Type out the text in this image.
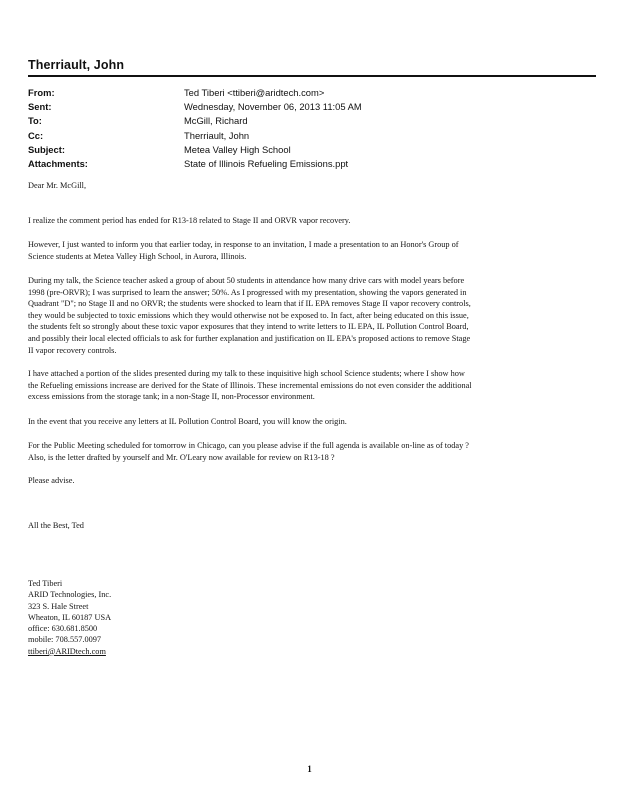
Therriault, John
From:	Ted Tiberi <ttiberi@aridtech.com>
Sent:	Wednesday, November 06, 2013 11:05 AM
To:	McGill, Richard
Cc:	Therriault, John
Subject:	Metea Valley High School
Attachments:	State of Illinois Refueling Emissions.ppt

Dear Mr. McGill,

I realize the comment period has ended for R13-18 related to Stage II and ORVR vapor recovery.

However, I just wanted to inform you that earlier today, in response to an invitation, I made a presentation to an Honor's Group of
Science students at Metea Valley High School, in Aurora, Illinois.

During my talk, the Science teacher asked a group of about 50 students in attendance how many drive cars with model years before
1998 (pre-ORVR); I was surprised to learn the answer; 50%. As I progressed with my presentation, showing the vapors generated in
Quadrant "D"; no Stage II and no ORVR; the students were shocked to learn that if IL EPA removes Stage II vapor recovery controls,
they would be subjected to toxic emissions which they would otherwise not be exposed to. In fact, after being educated on this issue,
the students felt so strongly about these toxic vapor exposures that they intend to write letters to IL EPA, IL Pollution Control Board,
and possibly their local elected officials to ask for further explanation and justification on IL EPA's proposed actions to remove Stage
II vapor recovery controls.

I have attached a portion of the slides presented during my talk to these inquisitive high school Science students; where I show how
the Refueling emissions increase are derived for the State of Illinois. These incremental emissions do not even consider the additional
excess emissions from the storage tank; in a non-Stage II, non-Processor environment.

In the event that you receive any letters at IL Pollution Control Board, you will know the origin.

For the Public Meeting scheduled for tomorrow in Chicago, can you please advise if the full agenda is available on-line as of today ?
Also, is the letter drafted by yourself and Mr. O'Leary now available for review on R13-18 ?

Please advise.

All the Best, Ted

Ted Tiberi
ARID Technologies, Inc.
323 S. Hale Street
Wheaton, IL 60187 USA
office: 630.681.8500
mobile: 708.557.0097
ttiberi@ARIDtech.com
1
